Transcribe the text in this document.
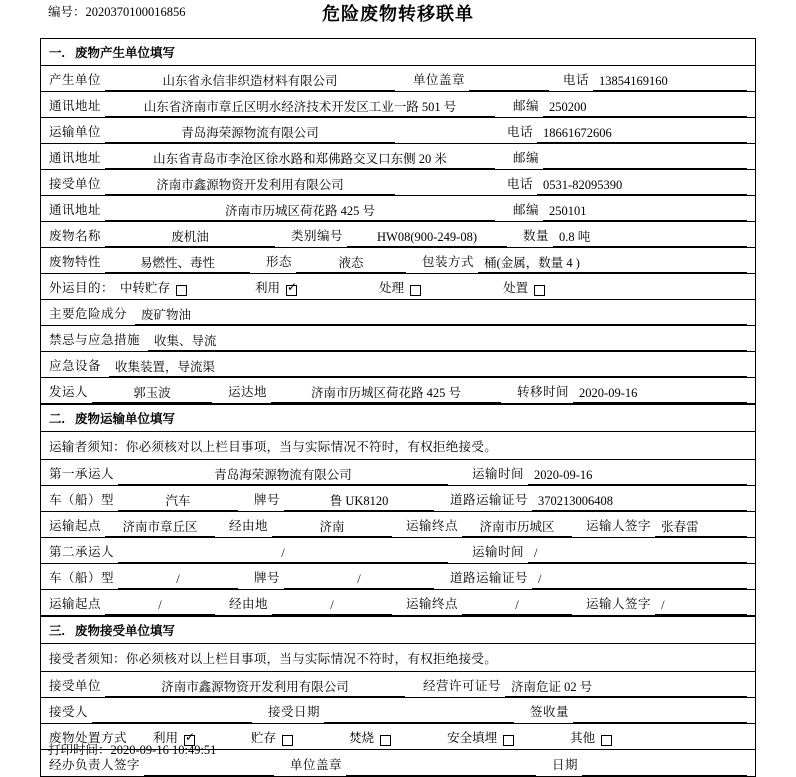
编号：2020370100016856	危险废物转移联单
一. 废物产生单位填写
产生单位	山东省永信非织造材料有限公司	单位盖章	电话 13854169160
通讯地址	山东省济南市章丘区明水经济技术开发区工业一路 501 号	邮编 250200
运输单位	青岛海荣源物流有限公司	电话 18661672606
通讯地址	山东省青岛市李沧区徐水路和郑佛路交叉口东侧 20 米	邮编
接受单位	济南市鑫源物资开发利用有限公司	电话 0531-82095390
通讯地址	济南市历城区荷花路 425 号	邮编 250101
废物名称	废机油	类别编号	HW08(900-249-08)	数量 0.8 吨
废物特性	易燃性、毒性	形态	液态	包装方式 桶(金属，数量 4 )
外运目的： 中转贮存	利用 ✓	处理	处置
主要危险成分	废矿物油
禁忌与应急措施	收集、导流
应急设备	收集装置，导流渠
发运人	郭玉波	运达地	济南市历城区荷花路 425 号	转移时间 2020-09-16
二. 废物运输单位填写
运输者须知：你必须核对以上栏目事项，当与实际情况不符时，有权拒绝接受。
第一承运人	青岛海荣源物流有限公司	运输时间 2020-09-16
车（船）型	汽车	牌号	鲁 UK8120	道路运输证号 370213006408
运输起点	济南市章丘区	经由地	济南	运输终点	济南市历城区	运输人签字 张春雷
第二承运人	/	运输时间 /
车（船）型	/	牌号	/	道路运输证号 /
运输起点	/	经由地	/	运输终点	/	运输人签字 /
三. 废物接受单位填写
接受者须知：你必须核对以上栏目事项，当与实际情况不符时，有权拒绝接受。
接受单位	济南市鑫源物资开发利用有限公司	经营许可证号 济南危证 02 号
接受人	接受日期	签收量
废物处置方式 利用 ✓	贮存	焚烧	安全填埋	其他
经办负责人签字	单位盖章	日期
打印时间：2020-09-16 10:49:51
